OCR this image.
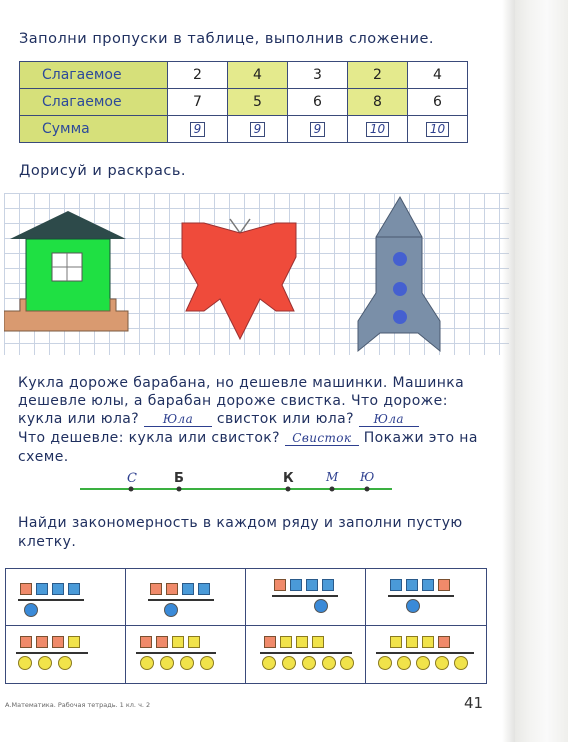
Заполни пропуски в таблице, выполнив сложение.
Слагаемое	2	4	3	2	4
Слагаемое	7	5	6	8	6
Сумма	9	9	9	10	10
Дорисуй и раскрась.
Кукла дороже барабана, но дешевле машинки. Машинка
дешевле юлы, а барабан дороже свистка. Что дороже:
кукла или юла? Юла свисток или юла? Юла
Что дешевле: кукла или свисток? Свисток Покажи это на
схеме.
С	Б	К	М Ю
Найди закономерность в каждом ряду и заполни пустую
клетку.
А.Математика. Рабочая тетрадь. 1 кл. ч. 2	41
